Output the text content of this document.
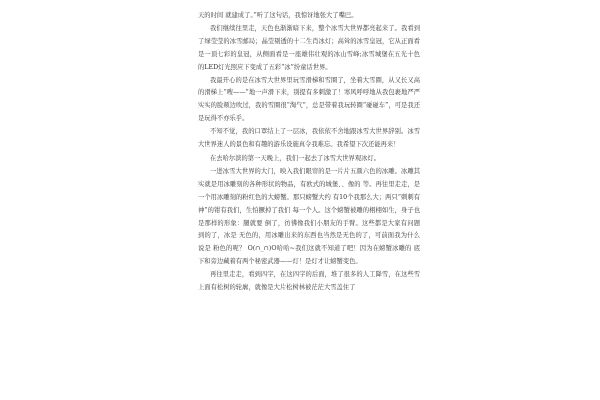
天的时间 就建成了。”听了这句话，我惊讶地张大了嘴巴。

我们继续往里走，天色也渐渐暗下来，整个冰雪大世界都亮起来了。我看到了绿莹莹的冰雪邮局；晶莹剔透的十二生肖冰灯；高耸的冰雪皇冠，它从正面看是一顶七彩的皇冠，从侧面看是一座雄伟壮观的冰山雪峰;冰雪城堡在五光十色的LED灯光照应下变成了五彩“冰”纷童话世界。

我最开心的是在冰雪大世界里玩雪滑梯和雪圈了，坐着大雪圈，从又长又高的滑梯上“嗖——”地一声滑下来，别提有多刺激了！寒风呼呼地从我包裹地严严实实的脸颊边吹过，我的雪圈很“淘气”，总是带着我玩转圈“碰碰车”，可是我还是玩得不亦乐乎。

不知不觉，我的口罩结上了一层冰，我依依不舍地跟冰雪大世界辞别。冰雪大世界迷人的景色和有趣的游乐设施真令我难忘。我希望下次还能再来！

在去哈尔滨的第一天晚上，我们一起去了冰雪大世界观冰灯。

一进冰雪大世界的大门，映入我们眼帘的是一片片五颜六色的冰雕。冰雕其实就是用冰雕刻的各种形状的物品，有欧式的城堡、、像的 等。再往里走走，是一个用冰雕刻的粉红色的大螃蟹。那只螃蟹大约 有10个我那么大；两只“刺刺有神”的钳有我们，生怕撅掉了我们 每一个人。这个螃蟹被雕的栩栩如生，身子也是那样的形象：腿就要 倒了，彷彿像我们小朋友的手臂。这些都是大家有问题到的了，冰是 无色的，用冰雕出来的东西也当然是无色的了，可前面我为什么说是 粉色的呢？ O(∩_∩)O哈哈~我们这就不知道了吧！因为在螃蟹冰雕的 底下和旁边藏着有两个秘密武器——灯！是灯才让螃蟹变色。

再往里走走，看到四字，在这四字的后面，堆了很多的人工降雪，在这些雪上面有松树的轮廓，就像是大片松树林被茫茫大雪盖住了
